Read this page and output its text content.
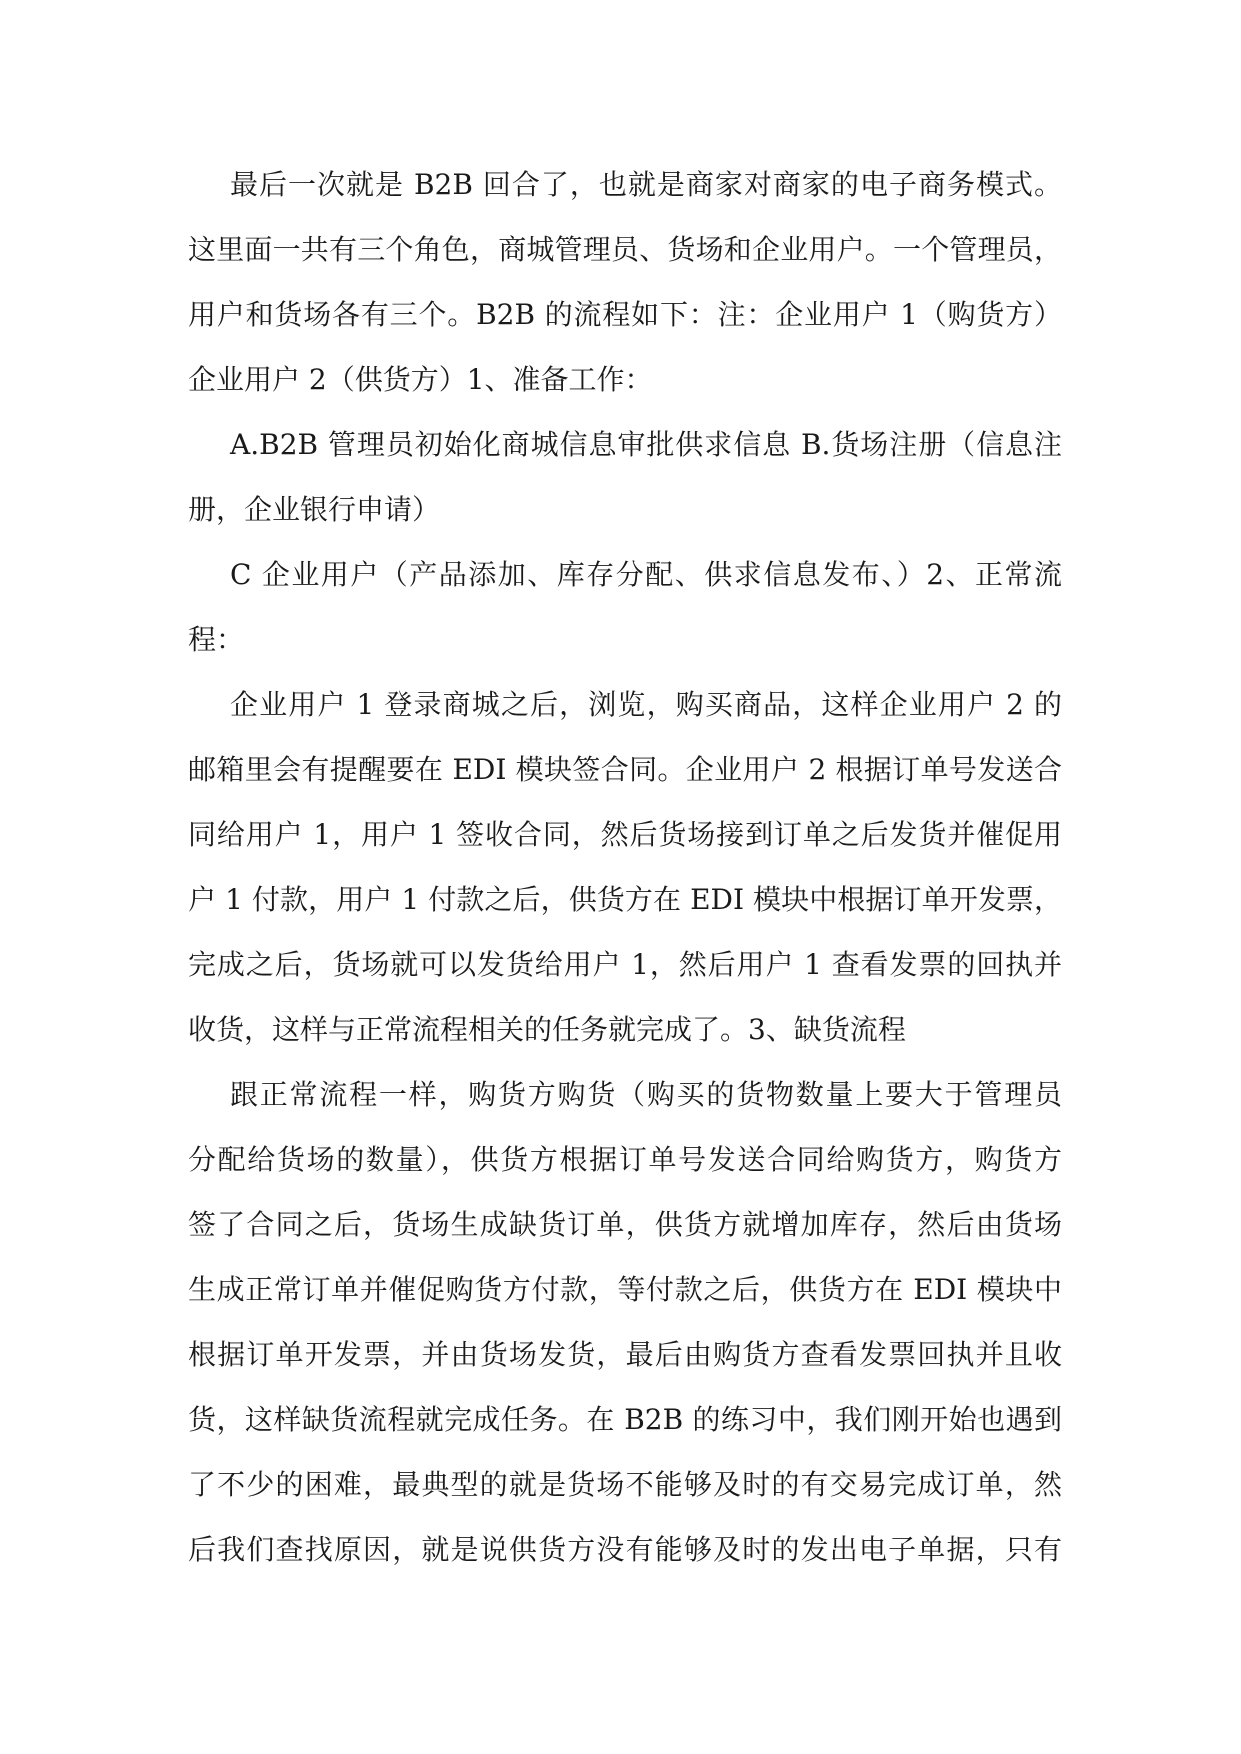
最后一次就是 B2B 回合了，也就是商家对商家的电子商务模式。
这里面一共有三个角色，商城管理员、货场和企业用户。一个管理员，
用户和货场各有三个。B2B 的流程如下：注：企业用户 1（购货方）
企业用户 2（供货方）1、准备工作：
A.B2B 管理员初始化商城信息审批供求信息 B.货场注册（信息注
册，企业银行申请）
C 企业用户（产品添加、库存分配、供求信息发布、）2、正常流
程：
企业用户 1 登录商城之后，浏览，购买商品，这样企业用户 2 的
邮箱里会有提醒要在 EDI 模块签合同。企业用户 2 根据订单号发送合
同给用户 1，用户 1 签收合同，然后货场接到订单之后发货并催促用
户 1 付款，用户 1 付款之后，供货方在 EDI 模块中根据订单开发票，
完成之后，货场就可以发货给用户 1，然后用户 1 查看发票的回执并
收货，这样与正常流程相关的任务就完成了。3、缺货流程
跟正常流程一样，购货方购货（购买的货物数量上要大于管理员
分配给货场的数量），供货方根据订单号发送合同给购货方，购货方
签了合同之后，货场生成缺货订单，供货方就增加库存，然后由货场
生成正常订单并催促购货方付款，等付款之后，供货方在 EDI 模块中
根据订单开发票，并由货场发货，最后由购货方查看发票回执并且收
货，这样缺货流程就完成任务。在 B2B 的练习中，我们刚开始也遇到
了不少的困难，最典型的就是货场不能够及时的有交易完成订单，然
后我们查找原因，就是说供货方没有能够及时的发出电子单据，只有
